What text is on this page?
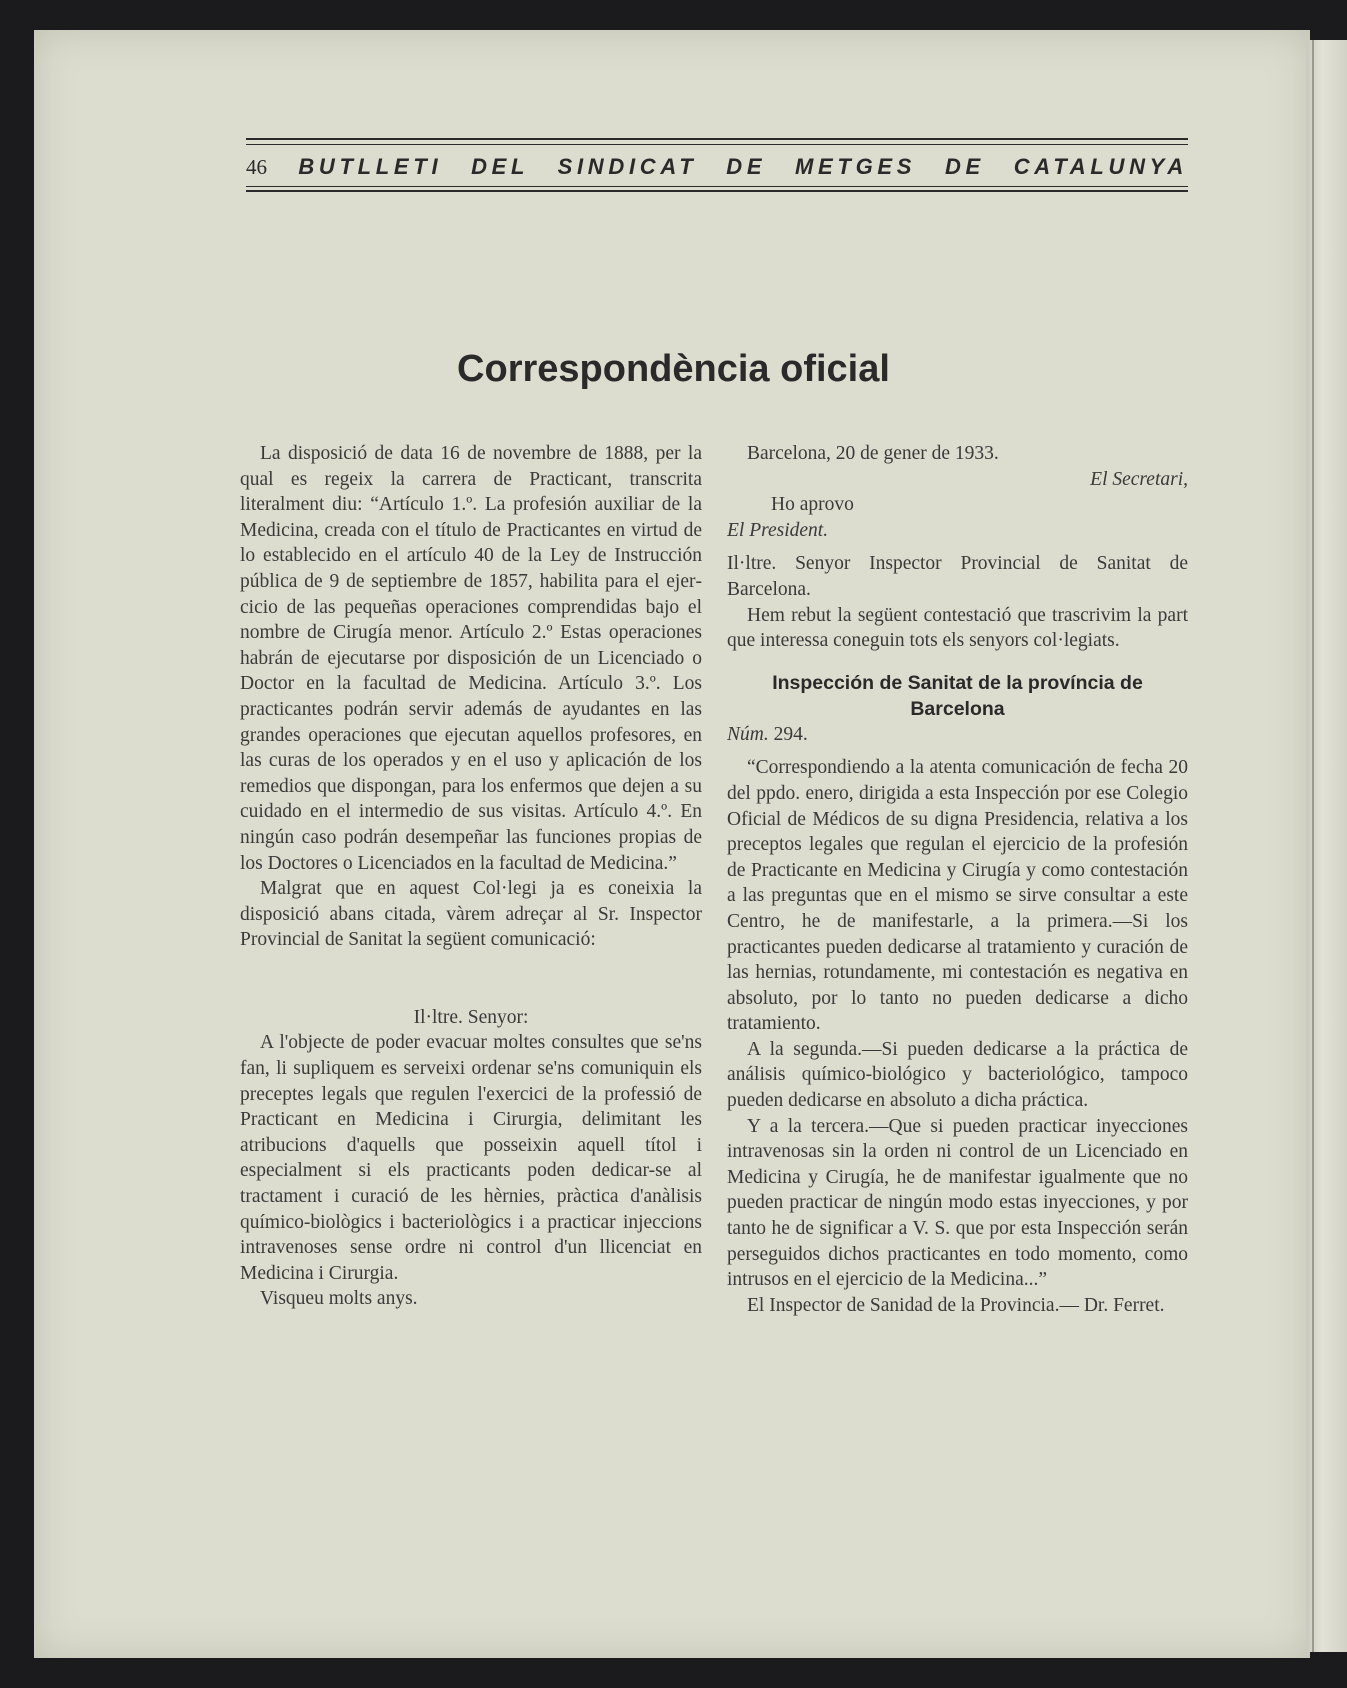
46 BUTLLETI DEL SINDICAT DE METGES DE CATALUNYA
Correspondència oficial

La disposició de data 16 de novembre de 1888, per la qual es regeix la carrera de Practicant, transcrita literalment diu: “Artículo 1.º. La profesión auxiliar de la Medicina, creada con el título de Practicantes en virtud de lo establecido en el artículo 40 de la Ley de Instrucción pública de 9 de septiembre de 1857, habilita para el ejercicio de las pequeñas operaciones comprendidas bajo el nombre de Cirugía menor. Artículo 2.º Estas operaciones habrán de ejecutarse por disposición de un Licenciado o Doctor en la facultad de Medicina. Artículo 3.º. Los practicantes podrán servir además de ayudantes en las grandes operaciones que ejecutan aquellos profesores, en las curas de los operados y en el uso y aplicación de los remedios que dispongan, para los enfermos que dejen a su cuidado en el intermedio de sus visitas. Artículo 4.º. En ningún caso podrán desempeñar las funciones propias de los Doctores o Licenciados en la facultad de Medicina.”

Malgrat que en aquest Col·legi ja es coneixia la disposició abans citada, vàrem adreçar al Sr. Inspector Provincial de Sanitat la següent comunicació:

Il·ltre. Senyor:

A l'objecte de poder evacuar moltes consultes que se'ns fan, li supliquem es serveixi ordenar se'ns comuniquin els preceptes legals que regulen l'exercici de la professió de Practicant en Medicina i Cirurgia, delimitant les atribucions d'aquells que posseixin aquell títol i especialment si els practicants poden dedicar-se al tractament i curació de les hèrnies, pràctica d'anàlisis químico-biològics i bacteriològics i a practicar injeccions intravenoses sense ordre ni control d'un llicenciat en Medicina i Cirurgia.

Visqueu molts anys.

Barcelona, 20 de gener de 1933.

El Secretari,

Ho aprovo

El President.

Il·ltre. Senyor Inspector Provincial de Sanitat de Barcelona.

Hem rebut la següent contestació que trascrivim la part que interessa coneguin tots els senyors col·legiats.

Inspección de Sanitat de la província de Barcelona

Núm. 294.

“Correspondiendo a la atenta comunicación de fecha 20 del ppdo. enero, dirigida a esta Inspección por ese Colegio Oficial de Médicos de su digna Presidencia, relativa a los preceptos legales que regulan el ejercicio de la profesión de Practicante en Medicina y Cirugía y como contestación a las preguntas que en el mismo se sirve consultar a este Centro, he de manifestarle, a la primera.—Si los practicantes pueden dedicarse al tratamiento y curación de las hernias, rotundamente, mi contestación es negativa en absoluto, por lo tanto no pueden dedicarse a dicho tratamiento.

A la segunda.—Si pueden dedicarse a la práctica de análisis químico-biológico y bacteriológico, tampoco pueden dedicarse en absoluto a dicha práctica.

Y a la tercera.—Que si pueden practicar inyecciones intravenosas sin la orden ni control de un Licenciado en Medicina y Cirugía, he de manifestar igualmente que no pueden practicar de ningún modo estas inyecciones, y por tanto he de significar a V. S. que por esta Inspección serán perseguidos dichos practicantes en todo momento, como intrusos en el ejercicio de la Medicina...”

El Inspector de Sanidad de la Provincia.— Dr. Ferret.
